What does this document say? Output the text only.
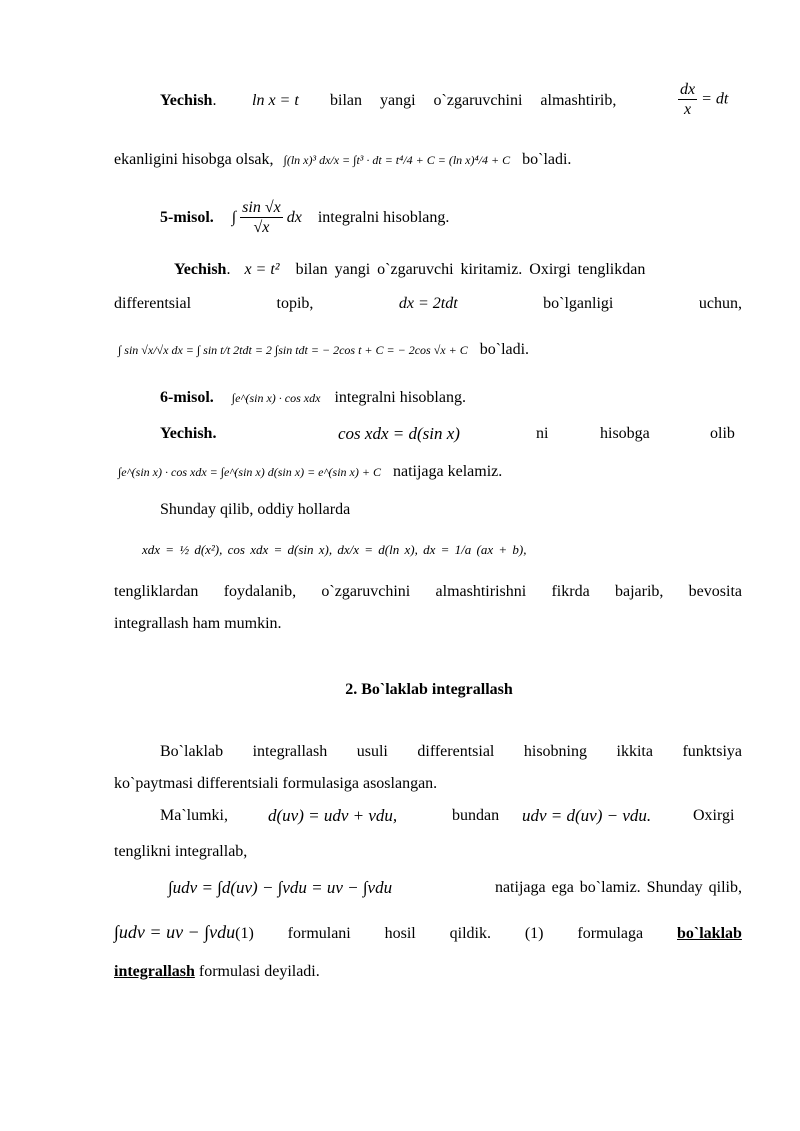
Yechish. ln x = t bilan yangi o`zgaruvchini almashtirib,	$\frac{dx}{x}$ = dt
ekanligini hisobga olsak, ∫(ln x)³ dx/x = ∫t³ · dt = t⁴/4 + C = (ln x)⁴/4 + C bo`ladi.
5-misol. ∫ $\frac{\sin √x}{√x}$ dx integralni hisoblang.
Yechish. x = t² bilan yangi o`zgaruvchi kiritamiz. Oxirgi tenglikdan
differentsial	topib,	dx = 2tdt	bo`lganligi	uchun,
∫ sin √x/√x dx = ∫ sin t/t 2tdt = 2 ∫sin tdt = − 2cos t + C = − 2cos √x + C bo`ladi.
6-misol. ∫e^(sin x) · cos xdx integralni hisoblang.
Yechish.	cos xdx = d(sin x)	ni	hisobga	olib
∫e^(sin x) · cos xdx = ∫e^(sin x) d(sin x) = e^(sin x) + C natijaga kelamiz.
Shunday qilib, oddiy hollarda
xdx = ½ d(x²), cos xdx = d(sin x), dx/x = d(ln x), dx = 1/a (ax + b),
tengliklardan foydalanib, o`zgaruvchini almashtirishni fikrda bajarib, bevosita
integrallash ham mumkin.
2. Bo`laklab integrallash
Bo`laklab integrallash usuli differentsial hisobning ikkita funktsiya
ko`paytmasi differentsiali formulasiga asoslangan.
Ma`lumki, d(uv) = udv + vdu,	bundan udv = d(uv) − vdu.	Oxirgi
tenglikni integrallab,
∫udv = ∫d(uv) − ∫vdu = uv − ∫vdu	natijaga ega bo`lamiz. Shunday qilib,
∫udv = uv − ∫vdu(1) formulani hosil qildik. (1) formulaga bo`laklab
integrallash formulasi deyiladi.
